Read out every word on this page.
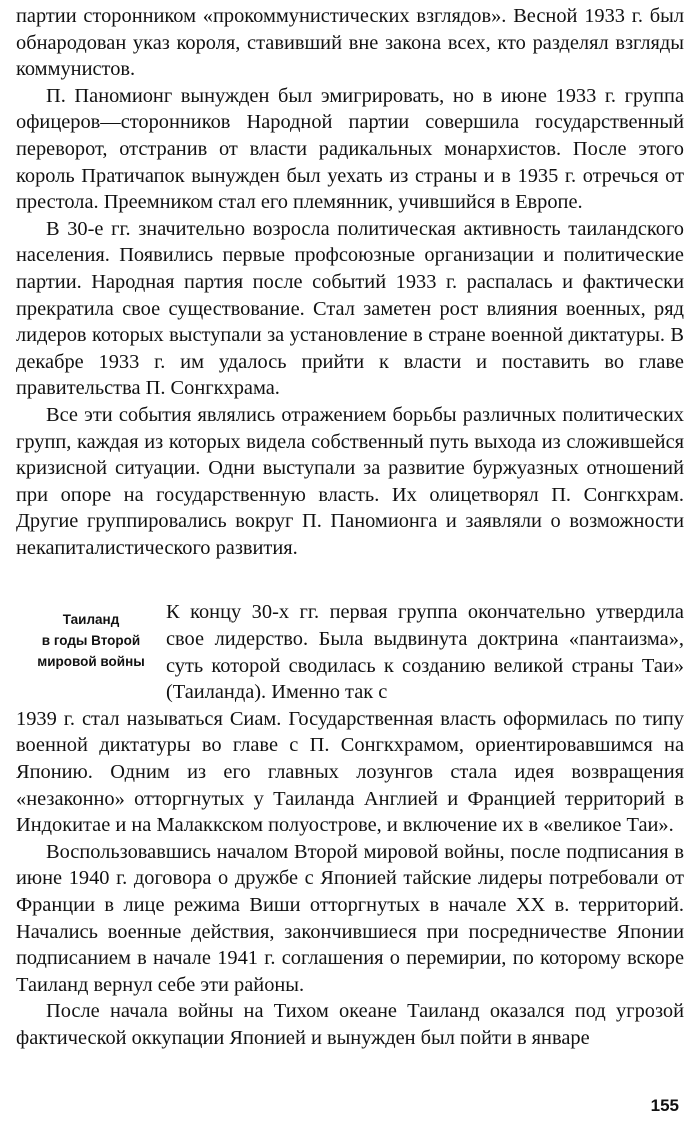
партии сторонником «прокоммунистических взглядов». Весной 1933 г. был обнародован указ короля, ставивший вне закона всех, кто разделял взгляды коммунистов.

П. Паномионг вынужден был эмигрировать, но в июне 1933 г. группа офицеров—сторонников Народной партии совершила государственный переворот, отстранив от власти радикальных монархистов. После этого король Пратичапок вынужден был уехать из страны и в 1935 г. отречься от престола. Преемником стал его племянник, учившийся в Европе.

В 30-е гг. значительно возросла политическая активность таиландского населения. Появились первые профсоюзные организации и политические партии. Народная партия после событий 1933 г. распалась и фактически прекратила свое существование. Стал заметен рост влияния военных, ряд лидеров которых выступали за установление в стране военной диктатуры. В декабре 1933 г. им удалось прийти к власти и поставить во главе правительства П. Сонгкхрама.

Все эти события являлись отражением борьбы различных политических групп, каждая из которых видела собственный путь выхода из сложившейся кризисной ситуации. Одни выступали за развитие буржуазных отношений при опоре на государственную власть. Их олицетворял П. Сонгкхрам. Другие группировались вокруг П. Паномионга и заявляли о возможности некапиталистического развития.

Таиланд
в годы Второй
мировой войны

К концу 30-х гг. первая группа окончательно утвердила свое лидерство. Была выдвинута доктрина «пантаизма», суть которой сводилась к созданию великой страны Таи» (Таиланда). Именно так с

1939 г. стал называться Сиам. Государственная власть оформилась по типу военной диктатуры во главе с П. Сонгкхрамом, ориентировавшимся на Японию. Одним из его главных лозунгов стала идея возвращения «незаконно» отторгнутых у Таиланда Англией и Францией территорий в Индокитае и на Малаккском полуострове, и включение их в «великое Таи».

Воспользовавшись началом Второй мировой войны, после подписания в июне 1940 г. договора о дружбе с Японией тайские лидеры потребовали от Франции в лице режима Виши отторгнутых в начале XX в. территорий. Начались военные действия, закончившиеся при посредничестве Японии подписанием в начале 1941 г. соглашения о перемирии, по которому вскоре Таиланд вернул себе эти районы.

После начала войны на Тихом океане Таиланд оказался под угрозой фактической оккупации Японией и вынужден был пойти в январе

155
